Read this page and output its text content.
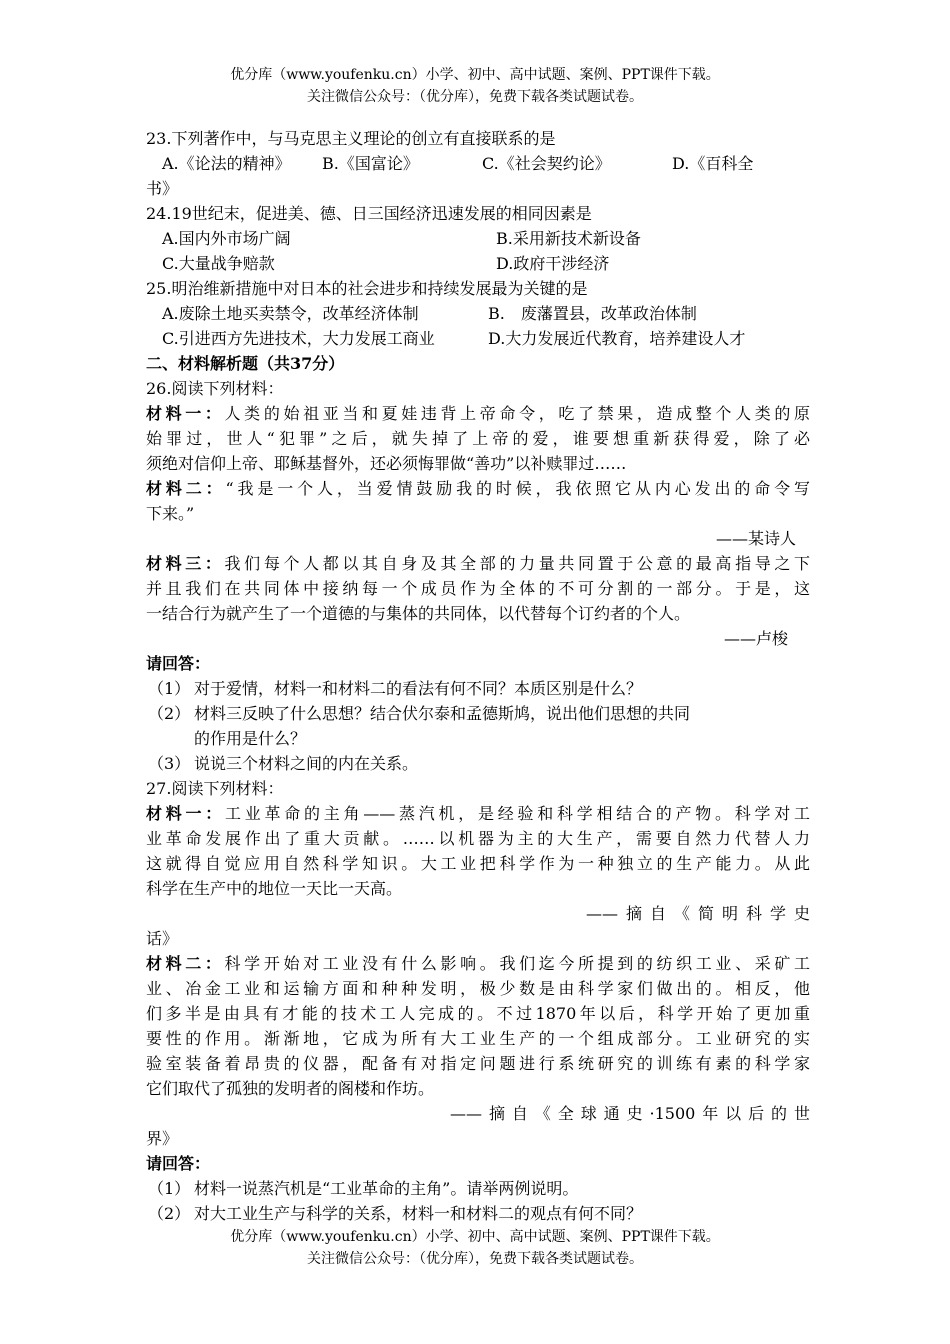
优分库（www.youfenku.cn）小学、初中、高中试题、案例、PPT课件下载。
关注微信公众号：（优分库），免费下载各类试题试卷。
23.下列著作中，与马克思主义理论的创立有直接联系的是
A.《论法的精神》	B.《国富论》	C.《社会契约论》	D.《百科全
书》
24.19世纪末，促进美、德、日三国经济迅速发展的相同因素是
A.国内外市场广阔	B.采用新技术新设备
C.大量战争赔款	D.政府干涉经济
25.明治维新措施中对日本的社会进步和持续发展最为关键的是
A.废除土地买卖禁令，改革经济体制	B.　废藩置县，改革政治体制
C.引进西方先进技术，大力发展工商业	D.大力发展近代教育，培养建设人才
二、材料解析题（共37分）
26.阅读下列材料：
材料一：人类的始祖亚当和夏娃违背上帝命令，吃了禁果，造成整个人类的原
始罪过，世人“犯罪”之后，就失掉了上帝的爱，谁要想重新获得爱，除了必
须绝对信仰上帝、耶稣基督外，还必须悔罪做“善功”以补赎罪过……
材料二：“我是一个人，当爱情鼓励我的时候，我依照它从内心发出的命令写
下来。”
——某诗人
材料三：我们每个人都以其自身及其全部的力量共同置于公意的最高指导之下
并且我们在共同体中接纳每一个成员作为全体的不可分割的一部分。于是，这
一结合行为就产生了一个道德的与集体的共同体，以代替每个订约者的个人。
——卢梭
请回答：
（1） 对于爱情，材料一和材料二的看法有何不同？本质区别是什么？
（2） 材料三反映了什么思想？结合伏尔泰和孟德斯鸠，说出他们思想的共同
的作用是什么？
（3） 说说三个材料之间的内在关系。
27.阅读下列材料：
材料一：工业革命的主角——蒸汽机，是经验和科学相结合的产物。科学对工
业革命发展作出了重大贡献。……以机器为主的大生产，需要自然力代替人力
这就得自觉应用自然科学知识。大工业把科学作为一种独立的生产能力。从此
科学在生产中的地位一天比一天高。
——摘自《简明科学史
话》
材料二：科学开始对工业没有什么影响。我们迄今所提到的纺织工业、采矿工
业、冶金工业和运输方面和种种发明，极少数是由科学家们做出的。相反，他
们多半是由具有才能的技术工人完成的。不过1870年以后，科学开始了更加重
要性的作用。渐渐地，它成为所有大工业生产的一个组成部分。工业研究的实
验室装备着昂贵的仪器，配备有对指定问题进行系统研究的训练有素的科学家
它们取代了孤独的发明者的阁楼和作坊。
——摘自《全球通史·1500年以后的世
界》
请回答：
（1） 材料一说蒸汽机是“工业革命的主角”。请举两例说明。
（2） 对大工业生产与科学的关系，材料一和材料二的观点有何不同？
优分库（www.youfenku.cn）小学、初中、高中试题、案例、PPT课件下载。
关注微信公众号：（优分库），免费下载各类试题试卷。
